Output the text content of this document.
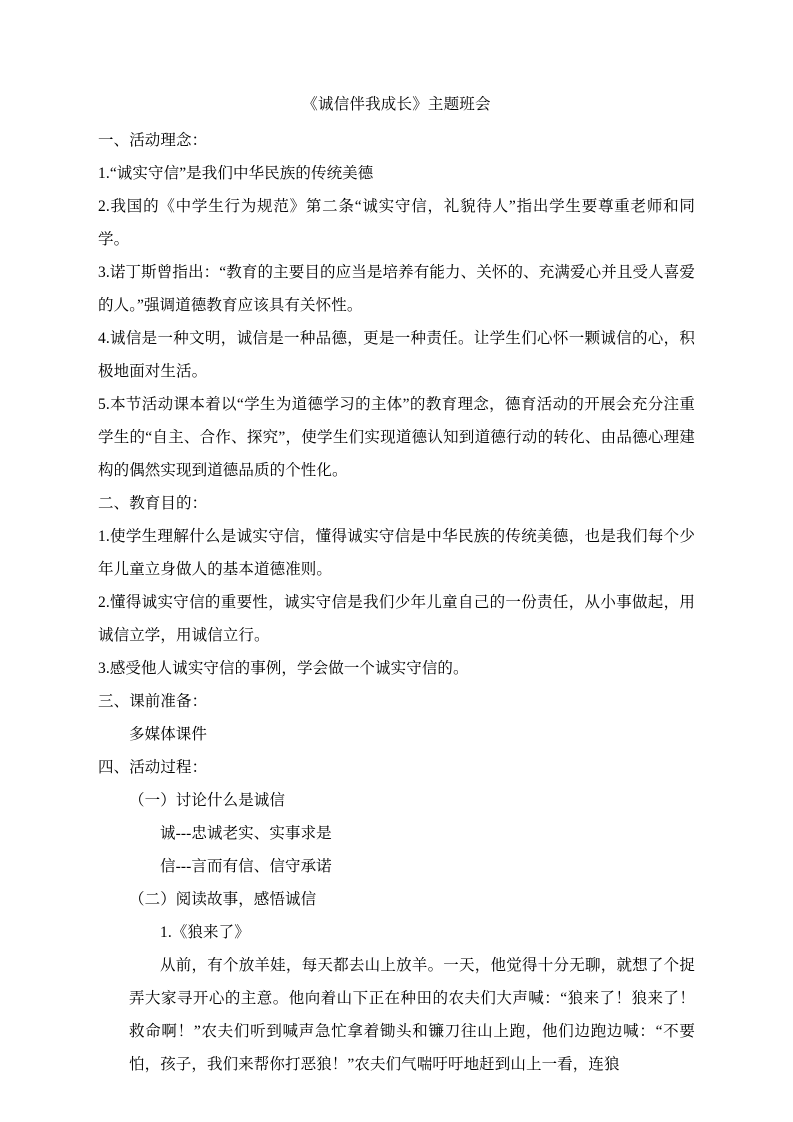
《诚信伴我成长》主题班会

一、活动理念：

1.“诚实守信”是我们中华民族的传统美德

2.我国的《中学生行为规范》第二条“诚实守信，礼貌待人”指出学生要尊重老师和同学。

3.诺丁斯曾指出：“教育的主要目的应当是培养有能力、关怀的、充满爱心并且受人喜爱的人。”强调道德教育应该具有关怀性。

4.诚信是一种文明，诚信是一种品德，更是一种责任。让学生们心怀一颗诚信的心，积极地面对生活。

5.本节活动课本着以“学生为道德学习的主体”的教育理念，德育活动的开展会充分注重学生的“自主、合作、探究”，使学生们实现道德认知到道德行动的转化、由品德心理建构的偶然实现到道德品质的个性化。

二、教育目的：

1.使学生理解什么是诚实守信，懂得诚实守信是中华民族的传统美德，也是我们每个少年儿童立身做人的基本道德准则。

2.懂得诚实守信的重要性，诚实守信是我们少年儿童自己的一份责任，从小事做起，用诚信立学，用诚信立行。

3.感受他人诚实守信的事例，学会做一个诚实守信的。

三、课前准备：

多媒体课件

四、活动过程：

（一）讨论什么是诚信

诚---忠诚老实、实事求是

信---言而有信、信守承诺

（二）阅读故事，感悟诚信

1.《狼来了》

从前，有个放羊娃，每天都去山上放羊。一天，他觉得十分无聊，就想了个捉弄大家寻开心的主意。他向着山下正在种田的农夫们大声喊：“狼来了！狼来了！救命啊！”农夫们听到喊声急忙拿着锄头和镰刀往山上跑，他们边跑边喊：“不要怕，孩子，我们来帮你打恶狼！”农夫们气喘吁吁地赶到山上一看，连狼
